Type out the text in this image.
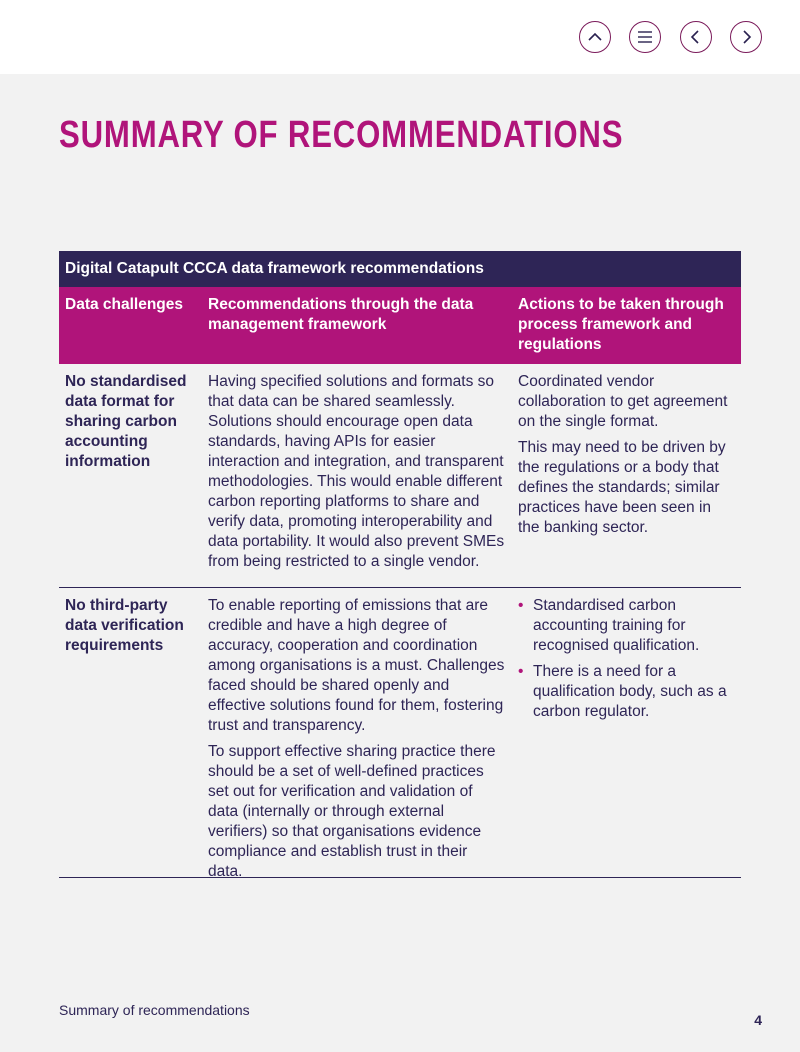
SUMMARY OF RECOMMENDATIONS
Digital Catapult CCCA data framework recommendations
Data challenges	Recommendations through the data management framework
Actions to be taken through process framework and regulations
No standardised data format for sharing carbon accounting information

Having specified solutions and formats so that data can be shared seamlessly. Solutions should encourage open data standards, having APIs for easier interaction and integration, and transparent methodologies. This would enable different carbon reporting platforms to share and verify data, promoting interoperability and data portability. It would also prevent SMEs from being restricted to a single vendor.

Coordinated vendor collaboration to get agreement on the single format.

This may need to be driven by the regulations or a body that defines the standards; similar practices have been seen in the banking sector.

No third-party data verification requirements

To enable reporting of emissions that are credible and have a high degree of accuracy, cooperation and coordination among organisations is a must. Challenges faced should be shared openly and effective solutions found for them, fostering trust and transparency.

To support effective sharing practice there should be a set of well-defined practices set out for verification and validation of data (internally or through external verifiers) so that organisations evidence compliance and establish trust in their data.

• Standardised carbon accounting training for recognised qualification.
• There is a need for a qualification body, such as a carbon regulator.
Summary of recommendations
4
